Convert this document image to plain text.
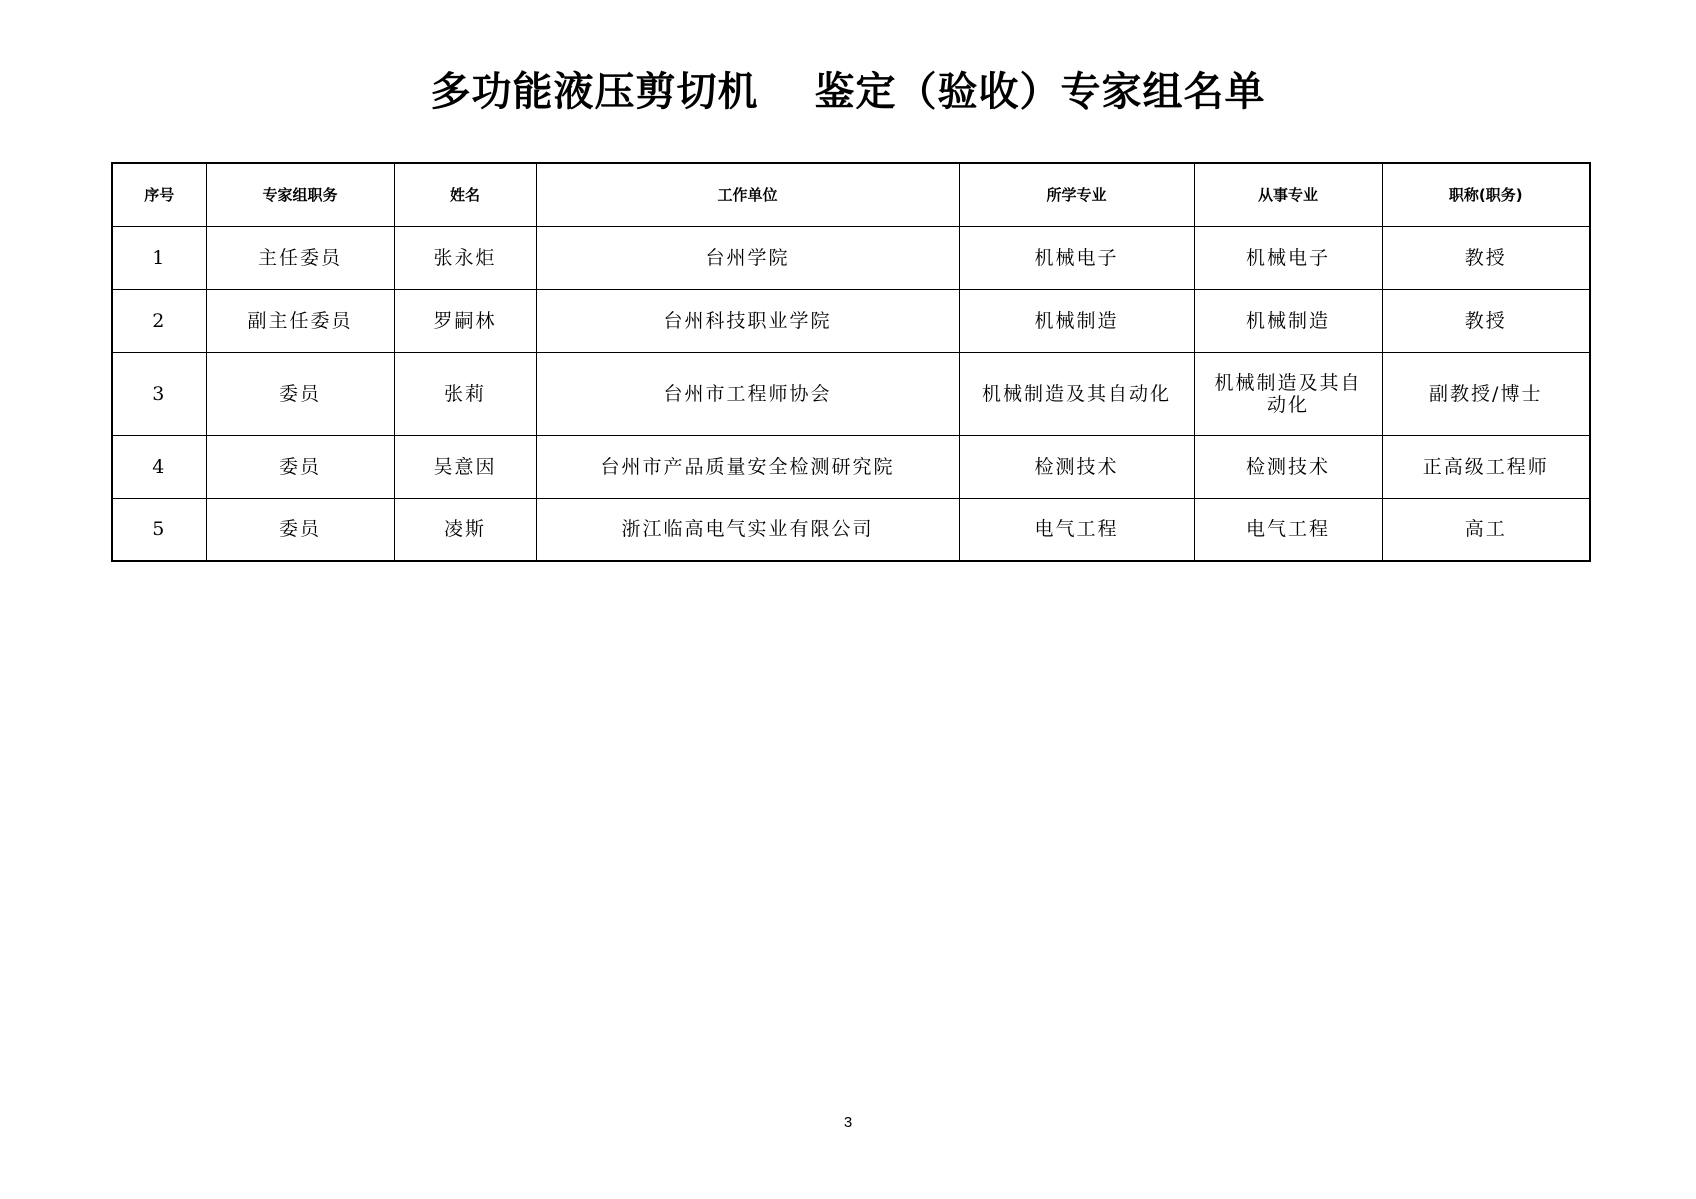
多功能液压剪切机　 鉴定（验收）专家组名单
序号	专家组职务	姓名	工作单位	所学专业	从事专业	职称(职务)
1	主任委员	张永炬	台州学院	机械电子	机械电子	教授
2	副主任委员	罗嗣林	台州科技职业学院	机械制造	机械制造	教授
3	委员	张莉	台州市工程师协会	机械制造及其自动化	机械制造及其自动化	副教授/博士
4	委员	吴意因	台州市产品质量安全检测研究院	检测技术	检测技术	正高级工程师
5	委员	凌斯	浙江临高电气实业有限公司	电气工程	电气工程	高工
3
